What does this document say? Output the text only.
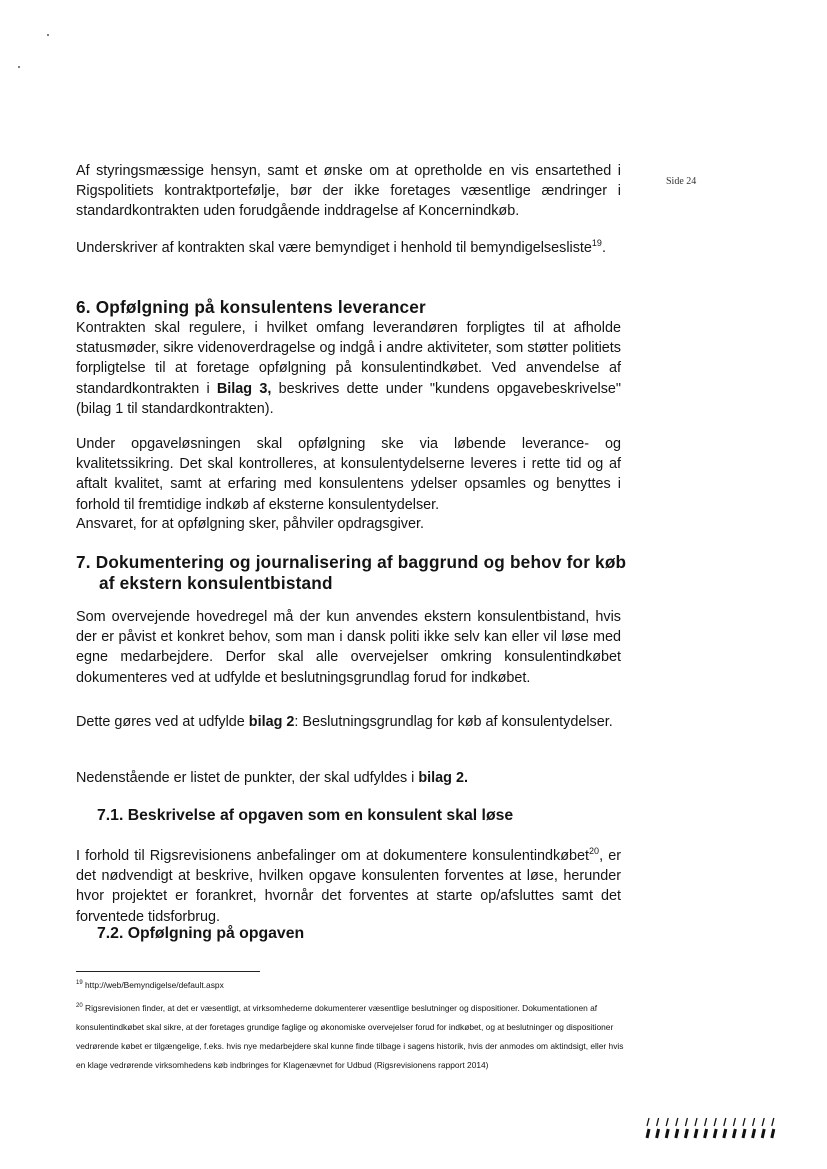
Side 24

Af styringsmæssige hensyn, samt et ønske om at opretholde en vis ensartethed i Rigspolitiets kontraktportefølje, bør der ikke foretages væsentlige ændringer i standardkontrakten uden forudgående inddragelse af Koncernindkøb.

Underskriver af kontrakten skal være bemyndiget i henhold til bemyndigelsesliste$^{19}$.

6. Opfølgning på konsulentens leverancer

Kontrakten skal regulere, i hvilket omfang leverandøren forpligtes til at afholde statusmøder, sikre videnoverdragelse og indgå i andre aktiviteter, som støtter politiets forpligtelse til at foretage opfølgning på konsulentindkøbet. Ved anvendelse af standardkontrakten i Bilag 3, beskrives dette under "kundens opgavebeskrivelse" (bilag 1 til standardkontrakten).

Under opgaveløsningen skal opfølgning ske via løbende leverance- og kvalitetssikring. Det skal kontrolleres, at konsulentydelserne leveres i rette tid og af aftalt kvalitet, samt at erfaring med konsulentens ydelser opsamles og benyttes i forhold til fremtidige indkøb af eksterne konsulentydelser.

Ansvaret, for at opfølgning sker, påhviler opdragsgiver.

7. Dokumentering og journalisering af baggrund og behov for køb af ekstern konsulentbistand

Som overvejende hovedregel må der kun anvendes ekstern konsulentbistand, hvis der er påvist et konkret behov, som man i dansk politi ikke selv kan eller vil løse med egne medarbejdere. Derfor skal alle overvejelser omkring konsulentindkøbet dokumenteres ved at udfylde et beslutningsgrundlag forud for indkøbet.

Dette gøres ved at udfylde bilag 2: Beslutningsgrundlag for køb af konsulentydelser.

Nedenstående er listet de punkter, der skal udfyldes i bilag 2.

7.1. Beskrivelse af opgaven som en konsulent skal løse

I forhold til Rigsrevisionens anbefalinger om at dokumentere konsulentindkøbet$^{20}$, er det nødvendigt at beskrive, hvilken opgave konsulenten forventes at løse, herunder hvor projektet er forankret, hvornår det forventes at starte op/afsluttes samt det forventede tidsforbrug.

7.2. Opfølgning på opgaven

$^{19}$ http://web/Bemyndigelse/default.aspx

$^{20}$ Rigsrevisionen finder, at det er væsentligt, at virksomhederne dokumenterer væsentlige beslutninger og dispositioner. Dokumentationen af konsulentindkøbet skal sikre, at der foretages grundige faglige og økonomiske overvejelser forud for indkøbet, og at beslutninger og dispositioner vedrørende købet er tilgængelige, f.eks. hvis nye medarbejdere skal kunne finde tilbage i sagens historik, hvis der anmodes om aktindsigt, eller hvis en klage vedrørende virksomhedens køb indbringes for Klagenævnet for Udbud (Rigsrevisionens rapport 2014)
